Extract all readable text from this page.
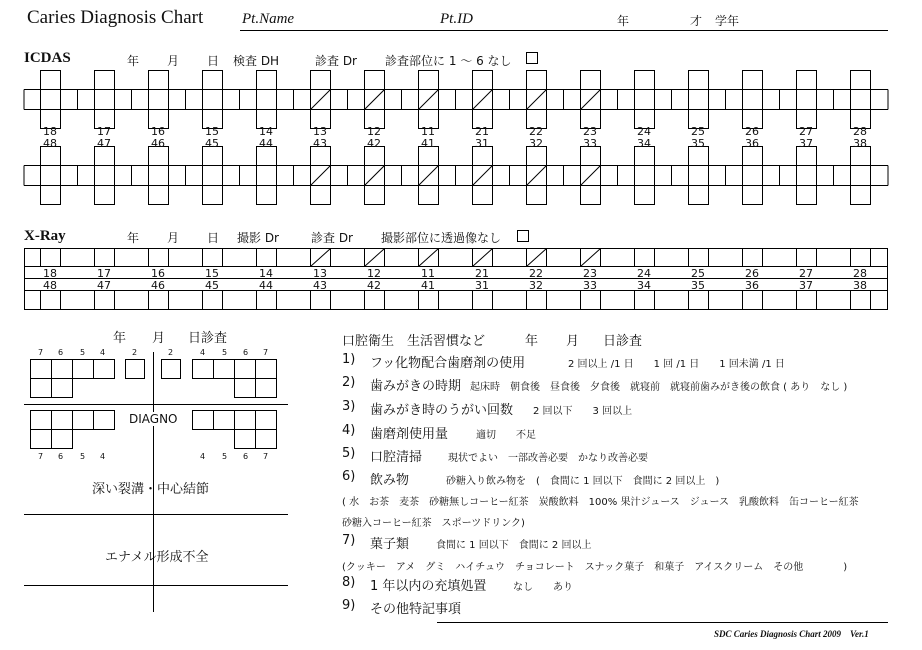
Caries Diagnosis Chart	Pt.Name	Pt.ID	年	才 学年
ICDAS	年 月 日 検査 DH	診査 Dr 診査部位に 1 ～ 6 なし
X-Ray	年 月 日 撮影 Dr	診査 Dr 撮影部位に透過像なし
年 月 日診査
7 6 5 4	2	2	4 5 6 7
7 6 5 4	4 5 6 7
DIAGNO
深い裂溝・中心結節
エナメル形成不全
口腔衛生　生活習慣など	年 月 日診査
1) フッ化物配合歯磨剤の使用	2 回以上 /1 日　　1 回 /1 日　　1 回未満 /1 日
2) 歯みがきの時期 起床時　朝食後　昼食後　夕食後　就寝前　就寝前歯みがき後の飲食 ( あり　なし )
3) 歯みがき時のうがい回数 2 回以下　　3 回以上
4) 歯磨剤使用量	適切　　不足
5) 口腔清掃	現状でよい　一部改善必要　かなり改善必要
6) 飲み物	砂糖入り飲み物を　(　食間に 1 回以下　食間に 2 回以上　)
( 水　お茶　麦茶　砂糖無しコーヒー紅茶　炭酸飲料　100% 果汁ジュース　ジュース　乳酸飲料　缶コーヒー紅茶
砂糖入コーヒー紅茶　スポーツドリンク)
7) 菓子類	食間に 1 回以下　食間に 2 回以上
(クッキー　アメ　グミ　ハイチュウ　チョコレート　スナック菓子　和菓子　アイスクリーム　その他　　　　)
8) 1 年以内の充填処置	なし　　あり
9) その他特記事項
SDC Caries Diagnosis Chart 2009　Ver.1
18	17	16	15	14	13	12	11	21	22	23	24	25	26	27	28
48	47	46	45	44	43	42	41	31	32	33	34	35	36	37	38
18	17	16	15	14	13	12	11	21	22	23	24	25	26	27	28
48	47	46	45	44	43	42	41	31	32	33	34	35	36	37	38
